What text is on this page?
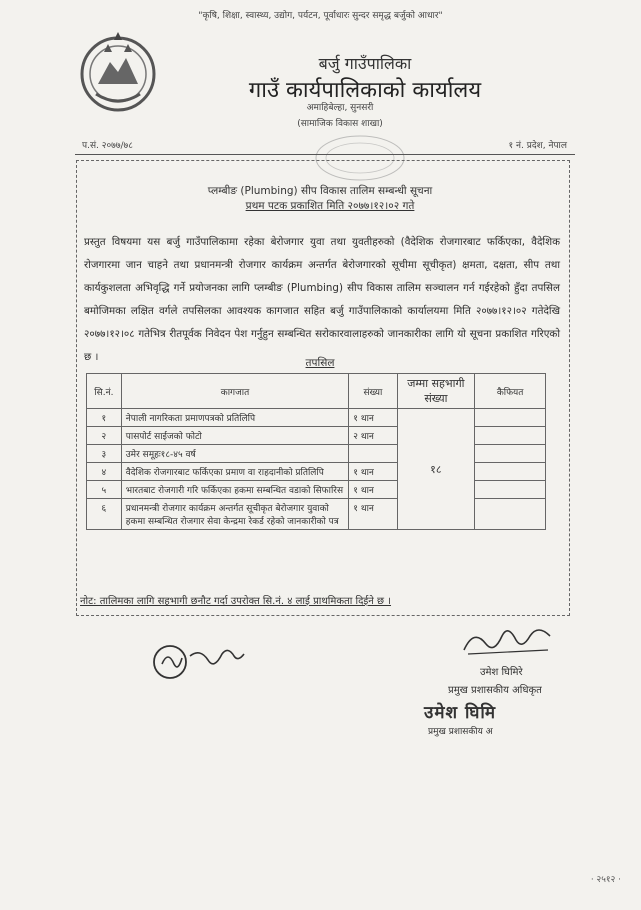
"कृषि, शिक्षा, स्वास्थ्य, उद्योग, पर्यटन, पूर्वाधारः सुन्दर समृद्ध बर्जुको आधार"
बर्जु गाउँपालिका
गाउँ कार्यपालिकाको कार्यालय
अमाहिबेल्हा, सुनसरी
(सामाजिक विकास शाखा)
प.सं. २०७७/७८	१ नं. प्रदेश, नेपाल
प्लम्बीङ (Plumbing) सीप विकास तालिम सम्बन्धी सूचना
प्रथम पटक प्रकाशित मिति २०७७।१२।०२ गते
प्रस्तुत विषयमा यस बर्जु गाउँपालिकामा रहेका बेरोजगार युवा तथा युवतीहरुको (वैदेशिक रोजगारबाट फर्किएका, वैदेशिक रोजगारमा जान चाहने तथा प्रधानमन्त्री रोजगार कार्यक्रम अन्तर्गत बेरोजगारको सूचीमा सूचीकृत) क्षमता, दक्षता, सीप तथा कार्यकुशलता अभिवृद्धि गर्ने प्रयोजनका लागि प्लम्बीङ (Plumbing) सीप विकास तालिम सञ्चालन गर्न गईरहेको हुँदा तपसिल बमोजिमका लक्षित वर्गले तपसिलका आवश्यक कागजात सहित बर्जु गाउँपालिकाको कार्यालयमा मिति २०७७।१२।०२ गतेदेखि २०७७।१२।०८ गतेभित्र रीतपूर्वक निवेदन पेश गर्नुहुन सम्बन्धित सरोकारवालाहरुको जानकारीका लागि यो सूचना प्रकाशित गरिएको छ ।	तपसिल
सि.नं.	कागजात	संख्या	जम्मा सहभागी संख्या	कैफियत
१	नेपाली नागरिकता प्रमाणपत्रको प्रतिलिपि	१ थान	१८	
२	पासपोर्ट साईजको फोटो	२ थान		
३	उमेर समूहः१८-४५ वर्ष			
४	वैदेशिक रोजगारबाट फर्किएका प्रमाण वा राहदानीको प्रतिलिपि	१ थान		
५	भारतबाट रोजगारी गरि फर्किएका हकमा सम्बन्धित वडाको सिफारिस	१ थान		
६	प्रधानमन्त्री रोजगार कार्यक्रम अन्तर्गत सूचीकृत बेरोजगार युवाको हकमा सम्बन्धित रोजगार सेवा केन्द्रमा रेकर्ड रहेको जानकारीको पत्र	१ थान		
नोट: तालिमका लागि सहभागी छनौट गर्दा उपरोक्त सि.नं. ४ लाई प्राथमिकता दिईने छ ।
उमेश घिमिरे
प्रमुख प्रशासकीय अधिकृत
उमेश घिमि
प्रमुख प्रशासकीय अ
· २५१२ ·
